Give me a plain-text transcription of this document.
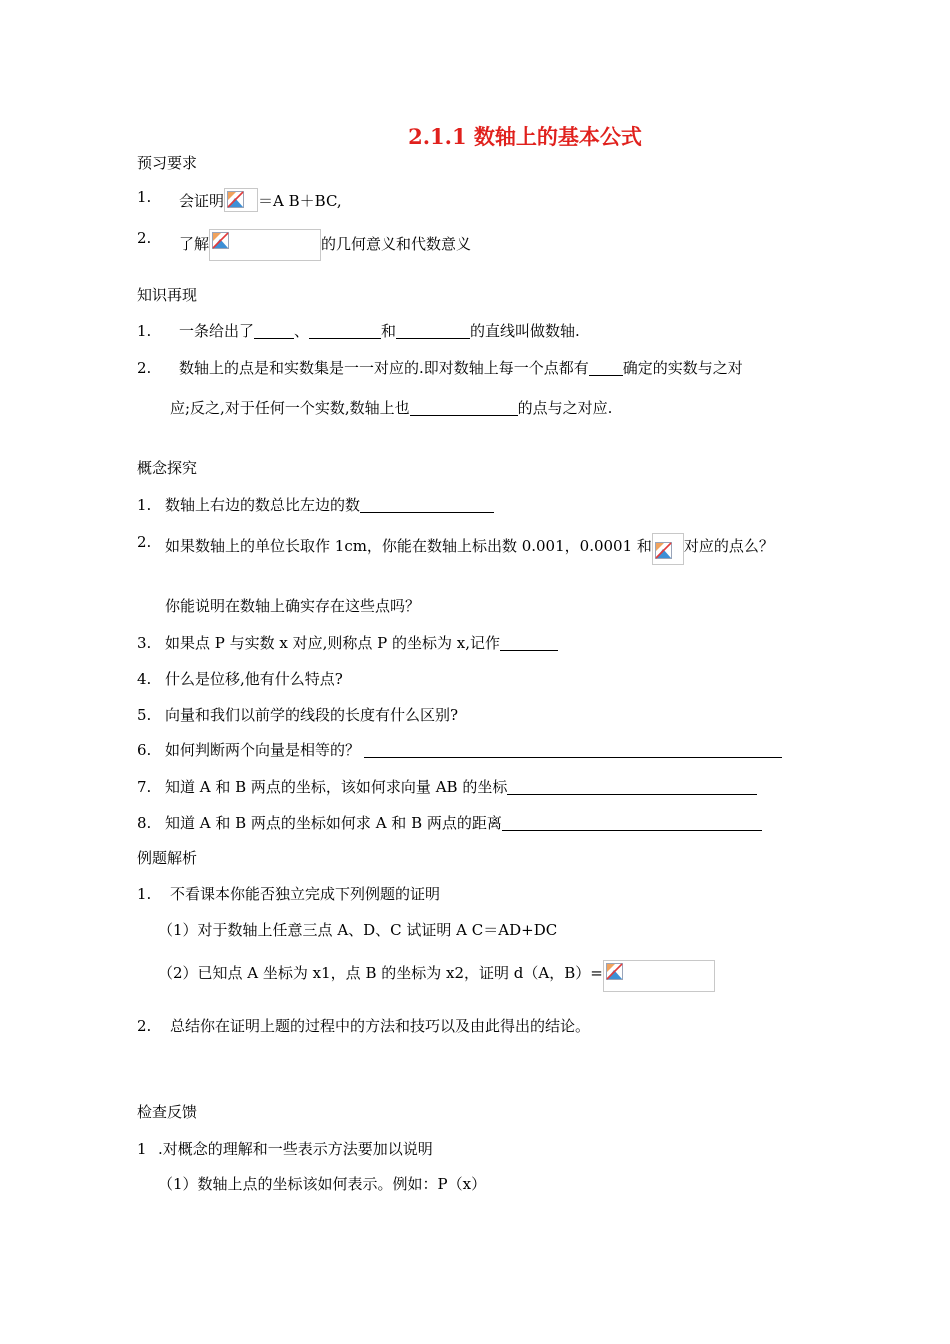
2.1.1 数轴上的基本公式
预习要求
1. 会证明 ＝A B＋BC,
2. 了解	的几何意义和代数意义
知识再现
1. 一条给出了	、	和	的直线叫做数轴.
2. 数轴上的点是和实数集是一一对应的.即对数轴上每一个点都有 确定的实数与之对
应;反之,对于任何一个实数,数轴上也	的点与之对应.
概念探究
1. 数轴上右边的数总比左边的数
2. 如果数轴上的单位长取作 1cm，你能在数轴上标出数 0.001，0.0001 和 对应的点么？
你能说明在数轴上确实存在这些点吗？
3. 如果点 P 与实数 x 对应,则称点 P 的坐标为 x,记作
4. 什么是位移,他有什么特点?
5. 向量和我们以前学的线段的长度有什么区别?
6. 如何判断两个向量是相等的？
7. 知道 A 和 B 两点的坐标，该如何求向量 AB 的坐标
8. 知道 A 和 B 两点的坐标如何求 A 和 B 两点的距离
例题解析
1. 不看课本你能否独立完成下列例题的证明
（1）对于数轴上任意三点 A、D、C 试证明 A C＝AD+DC
（2）已知点 A 坐标为 x1，点 B 的坐标为 x2，证明 d（A，B）=
2. 总结你在证明上题的过程中的方法和技巧以及由此得出的结论。
检查反馈
1 .对概念的理解和一些表示方法要加以说明
（1）数轴上点的坐标该如何表示。例如：P（x）
